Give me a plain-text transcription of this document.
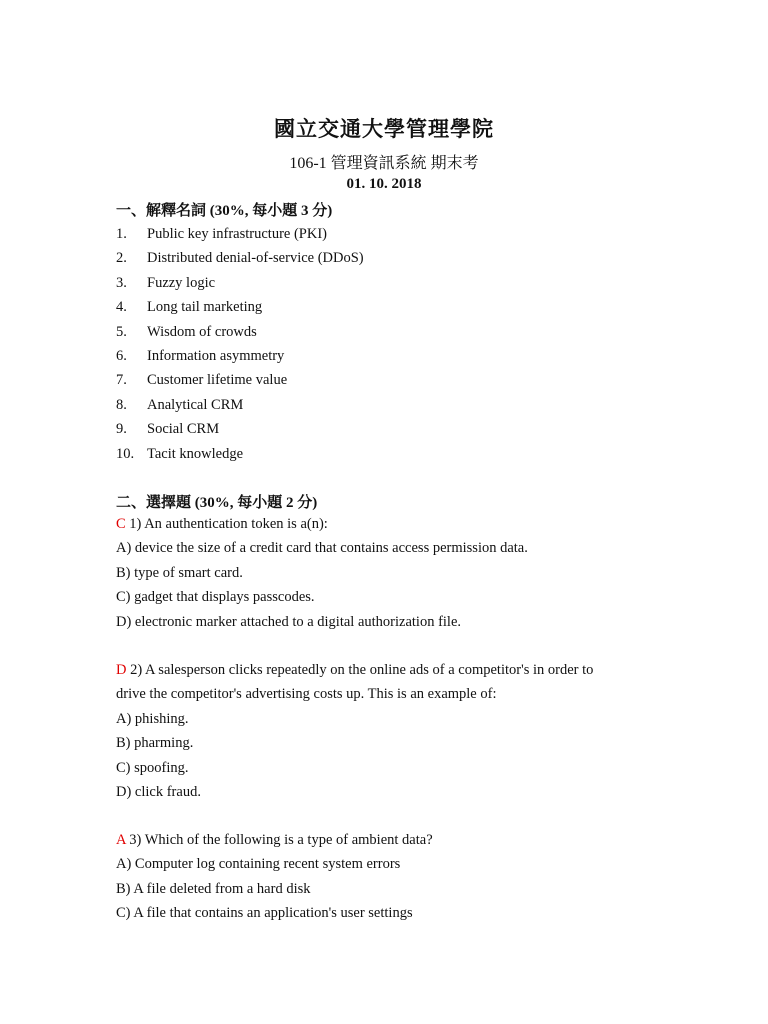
國立交通大學管理學院
106-1 管理資訊系統 期末考
01. 10. 2018
一、解釋名詞 (30%, 每小題 3 分)
1. Public key infrastructure (PKI)
2. Distributed denial-of-service (DDoS)
3. Fuzzy logic
4. Long tail marketing
5. Wisdom of crowds
6. Information asymmetry
7. Customer lifetime value
8. Analytical CRM
9. Social CRM
10. Tacit knowledge
二、選擇題 (30%, 每小題 2 分)
C 1) An authentication token is a(n):
A) device the size of a credit card that contains access permission data.
B) type of smart card.
C) gadget that displays passcodes.
D) electronic marker attached to a digital authorization file.
D 2) A salesperson clicks repeatedly on the online ads of a competitor's in order to
drive the competitor's advertising costs up. This is an example of:
A) phishing.
B) pharming.
C) spoofing.
D) click fraud.
A 3) Which of the following is a type of ambient data?
A) Computer log containing recent system errors
B) A file deleted from a hard disk
C) A file that contains an application's user settings
